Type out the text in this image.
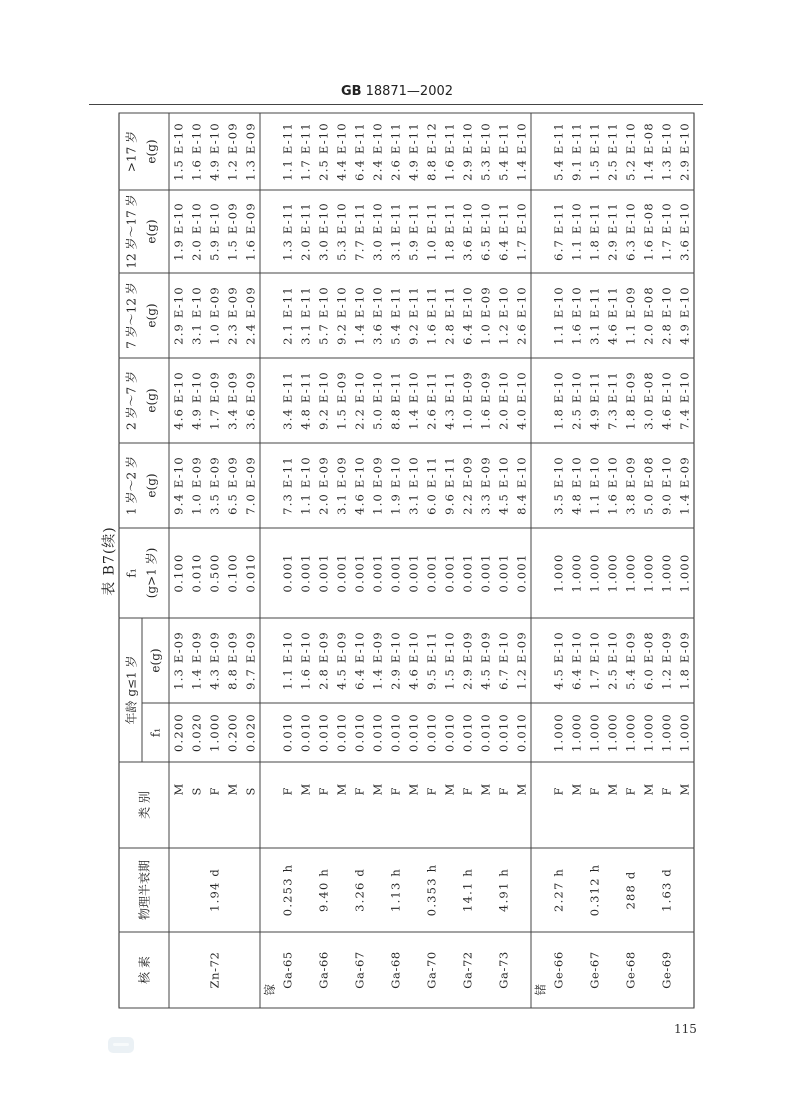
GB 18871—2002
表 B7(续)
核 素	物理半衰期	类 别	年龄 g≤1 岁		f₁ (g>1 岁)	1 岁～2 岁 e(g)	2 岁～7 岁 e(g)	7 岁～12 岁 e(g)	12 岁～17 岁 e(g)	>17 岁 e(g)

			f₁	e(g)						
		M	0.200	1.3 E-09	0.100	9.4 E-10	4.6 E-10	2.9 E-10	1.9 E-10	1.5 E-10
		S	0.020	1.4 E-09	0.010	1.0 E-09	4.9 E-10	3.1 E-10	2.0 E-10	1.6 E-10
Zn-72	1.94 d	F	1.000	4.3 E-09	0.500	3.5 E-09	1.7 E-09	1.0 E-09	5.9 E-10	4.9 E-10
		M	0.200	8.8 E-09	0.100	6.5 E-09	3.4 E-09	2.3 E-09	1.5 E-09	1.2 E-09
		S	0.020	9.7 E-09	0.010	7.0 E-09	3.6 E-09	2.4 E-09	1.6 E-09	1.3 E-09
镓										
Ga-65	0.253 h	F	0.010	1.1 E-10	0.001	7.3 E-11	3.4 E-11	2.1 E-11	1.3 E-11	1.1 E-11
		M	0.010	1.6 E-10	0.001	1.1 E-10	4.8 E-11	3.1 E-11	2.0 E-11	1.7 E-11
Ga-66	9.40 h	F	0.010	2.8 E-09	0.001	2.0 E-09	9.2 E-10	5.7 E-10	3.0 E-10	2.5 E-10
		M	0.010	4.5 E-09	0.001	3.1 E-09	1.5 E-09	9.2 E-10	5.3 E-10	4.4 E-10
Ga-67	3.26 d	F	0.010	6.4 E-10	0.001	4.6 E-10	2.2 E-10	1.4 E-10	7.7 E-11	6.4 E-11
		M	0.010	1.4 E-09	0.001	1.0 E-09	5.0 E-10	3.6 E-10	3.0 E-10	2.4 E-10
Ga-68	1.13 h	F	0.010	2.9 E-10	0.001	1.9 E-10	8.8 E-11	5.4 E-11	3.1 E-11	2.6 E-11
		M	0.010	4.6 E-10	0.001	3.1 E-10	1.4 E-10	9.2 E-11	5.9 E-11	4.9 E-11
Ga-70	0.353 h	F	0.010	9.5 E-11	0.001	6.0 E-11	2.6 E-11	1.6 E-11	1.0 E-11	8.8 E-12
		M	0.010	1.5 E-10	0.001	9.6 E-11	4.3 E-11	2.8 E-11	1.8 E-11	1.6 E-11
Ga-72	14.1 h	F	0.010	2.9 E-09	0.001	2.2 E-09	1.0 E-09	6.4 E-10	3.6 E-10	2.9 E-10
		M	0.010	4.5 E-09	0.001	3.3 E-09	1.6 E-09	1.0 E-09	6.5 E-10	5.3 E-10
Ga-73	4.91 h	F	0.010	6.7 E-10	0.001	4.5 E-10	2.0 E-10	1.2 E-10	6.4 E-11	5.4 E-11
		M	0.010	1.2 E-09	0.001	8.4 E-10	4.0 E-10	2.6 E-10	1.7 E-10	1.4 E-10
锗										
Ge-66	2.27 h	F	1.000	4.5 E-10	1.000	3.5 E-10	1.8 E-10	1.1 E-10	6.7 E-11	5.4 E-11
		M	1.000	6.4 E-10	1.000	4.8 E-10	2.5 E-10	1.6 E-10	1.1 E-10	9.1 E-11
Ge-67	0.312 h	F	1.000	1.7 E-10	1.000	1.1 E-10	4.9 E-11	3.1 E-11	1.8 E-11	1.5 E-11
		M	1.000	2.5 E-10	1.000	1.6 E-10	7.3 E-11	4.6 E-11	2.9 E-11	2.5 E-11
Ge-68	288 d	F	1.000	5.4 E-09	1.000	3.8 E-09	1.8 E-09	1.1 E-09	6.3 E-10	5.2 E-10
		M	1.000	6.0 E-08	1.000	5.0 E-08	3.0 E-08	2.0 E-08	1.6 E-08	1.4 E-08
Ge-69	1.63 d	F	1.000	1.2 E-09	1.000	9.0 E-10	4.6 E-10	2.8 E-10	1.7 E-10	1.3 E-10
		M	1.000	1.8 E-09	1.000	1.4 E-09	7.4 E-10	4.9 E-10	3.6 E-10	2.9 E-10
115
